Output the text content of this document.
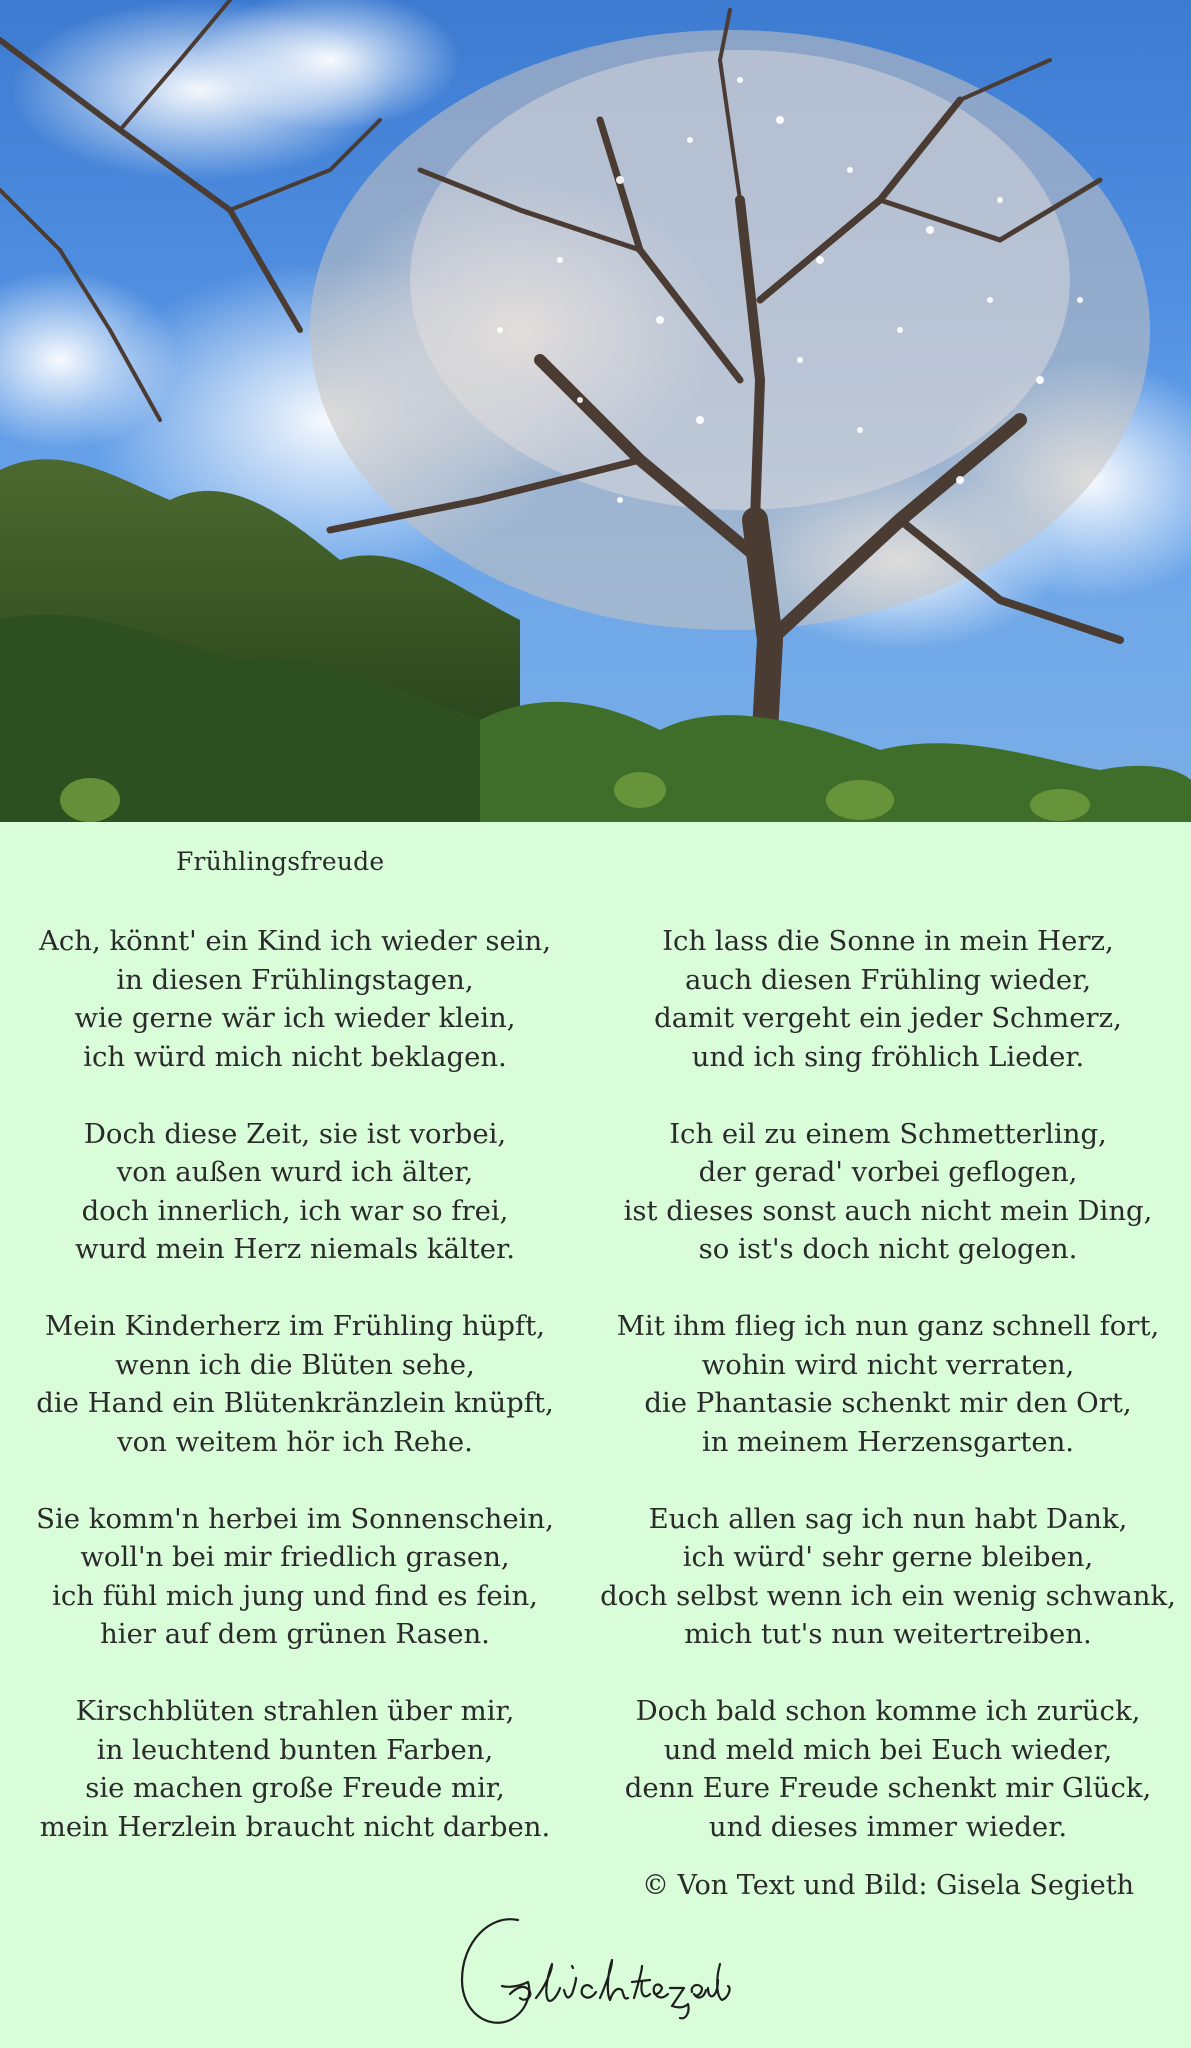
Frühlingsfreude
Ach, könnt' ein Kind ich wieder sein,
in diesen Frühlingstagen,
wie gerne wär ich wieder klein,
ich würd mich nicht beklagen.
Doch diese Zeit, sie ist vorbei,
von außen wurd ich älter,
doch innerlich, ich war so frei,
wurd mein Herz niemals kälter.
Mein Kinderherz im Frühling hüpft,
wenn ich die Blüten sehe,
die Hand ein Blütenkränzlein knüpft,
von weitem hör ich Rehe.
Sie komm'n herbei im Sonnenschein,
woll'n bei mir friedlich grasen,
ich fühl mich jung und find es fein,
hier auf dem grünen Rasen.
Kirschblüten strahlen über mir,
in leuchtend bunten Farben,
sie machen große Freude mir,
mein Herzlein braucht nicht darben.
Ich lass die Sonne in mein Herz,
auch diesen Frühling wieder,
damit vergeht ein jeder Schmerz,
und ich sing fröhlich Lieder.
Ich eil zu einem Schmetterling,
der gerad' vorbei geflogen,
ist dieses sonst auch nicht mein Ding,
so ist's doch nicht gelogen.
Mit ihm flieg ich nun ganz schnell fort,
wohin wird nicht verraten,
die Phantasie schenkt mir den Ort,
in meinem Herzensgarten.
Euch allen sag ich nun habt Dank,
ich würd' sehr gerne bleiben,
doch selbst wenn ich ein wenig schwank,
mich tut's nun weitertreiben.
Doch bald schon komme ich zurück,
und meld mich bei Euch wieder,
denn Eure Freude schenkt mir Glück,
und dieses immer wieder.
© Von Text und Bild: Gisela Segieth
